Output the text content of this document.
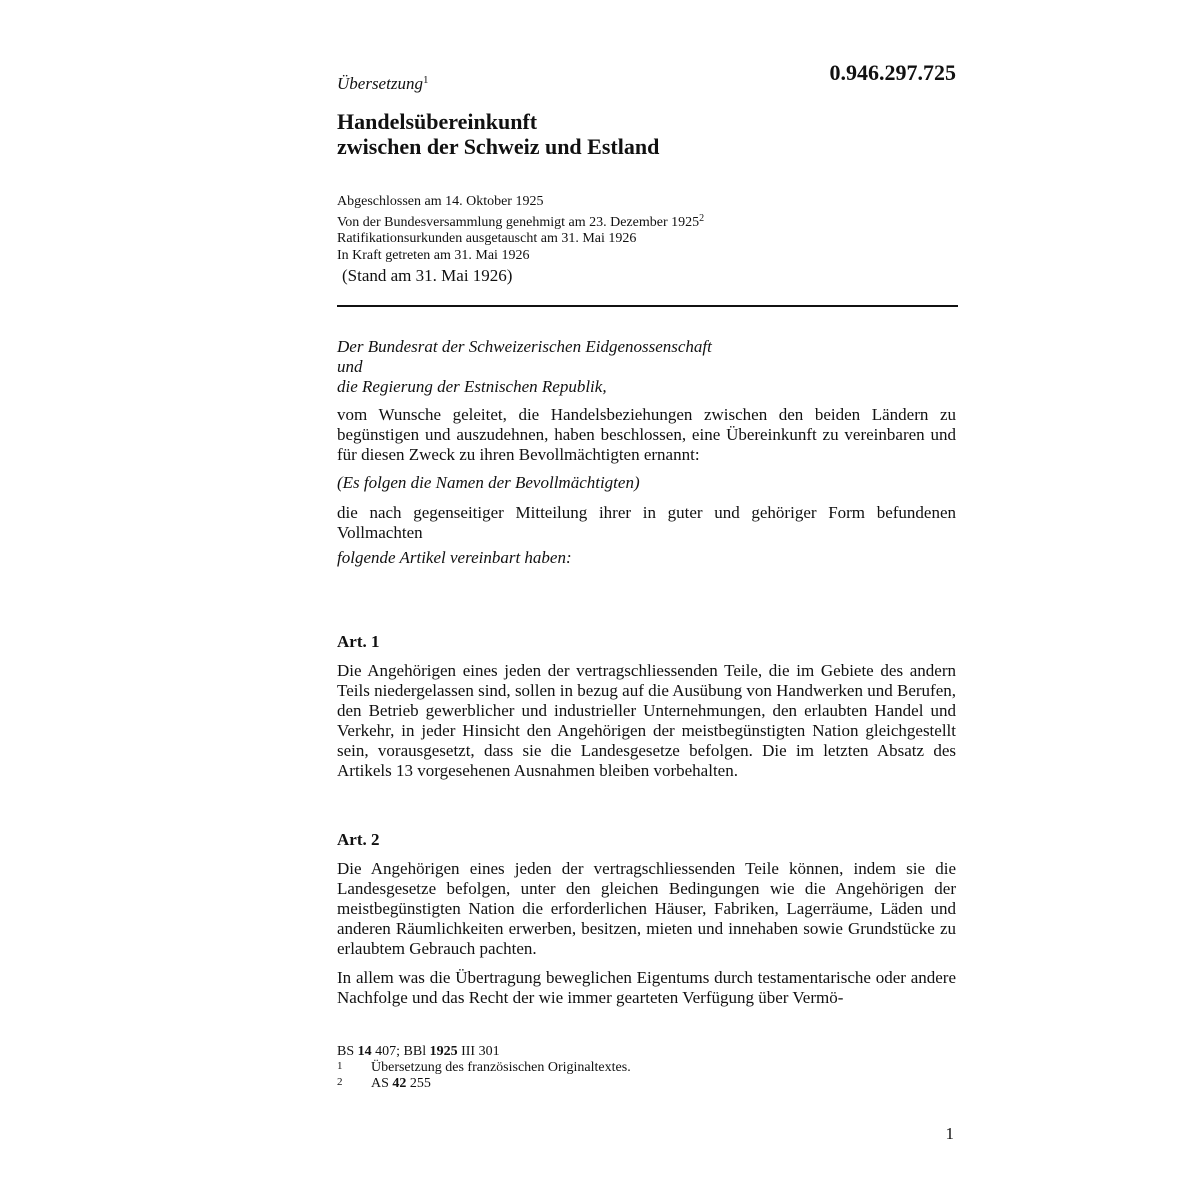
Übersetzung$^1$	0.946.297.725
Handelsübereinkunft
zwischen der Schweiz und Estland
Abgeschlossen am 14. Oktober 1925
Von der Bundesversammlung genehmigt am 23. Dezember 1925$^2$
Ratifikationsurkunden ausgetauscht am 31. Mai 1926
In Kraft getreten am 31. Mai 1926
(Stand am 31. Mai 1926)
Der Bundesrat der Schweizerischen Eidgenossenschaft
und
die Regierung der Estnischen Republik,

vom Wunsche geleitet, die Handelsbeziehungen zwischen den beiden Ländern zu begünstigen und auszudehnen, haben beschlossen, eine Übereinkunft zu vereinbaren und für diesen Zweck zu ihren Bevollmächtigten ernannt:

(Es folgen die Namen der Bevollmächtigten)
die nach gegenseitiger Mitteilung ihrer in guter und gehöriger Form befundenen Vollmachten
folgende Artikel vereinbart haben:
Art. 1
Die Angehörigen eines jeden der vertragschliessenden Teile, die im Gebiete des andern Teils niedergelassen sind, sollen in bezug auf die Ausübung von Handwerken und Berufen, den Betrieb gewerblicher und industrieller Unternehmungen, den erlaubten Handel und Verkehr, in jeder Hinsicht den Angehörigen der meistbegünstigten Nation gleichgestellt sein, vorausgesetzt, dass sie die Landesgesetze befolgen. Die im letzten Absatz des Artikels 13 vorgesehenen Ausnahmen bleiben vorbehalten.
Art. 2
Die Angehörigen eines jeden der vertragschliessenden Teile können, indem sie die Landesgesetze befolgen, unter den gleichen Bedingungen wie die Angehörigen der meistbegünstigten Nation die erforderlichen Häuser, Fabriken, Lagerräume, Läden und anderen Räumlichkeiten erwerben, besitzen, mieten und innehaben sowie Grundstücke zu erlaubtem Gebrauch pachten.
In allem was die Übertragung beweglichen Eigentums durch testamentarische oder andere Nachfolge und das Recht der wie immer gearteten Verfügung über Vermö-
BS 14 407; BBl 1925 III 301
1	Übersetzung des französischen Originaltextes.
2	AS 42 255
1
